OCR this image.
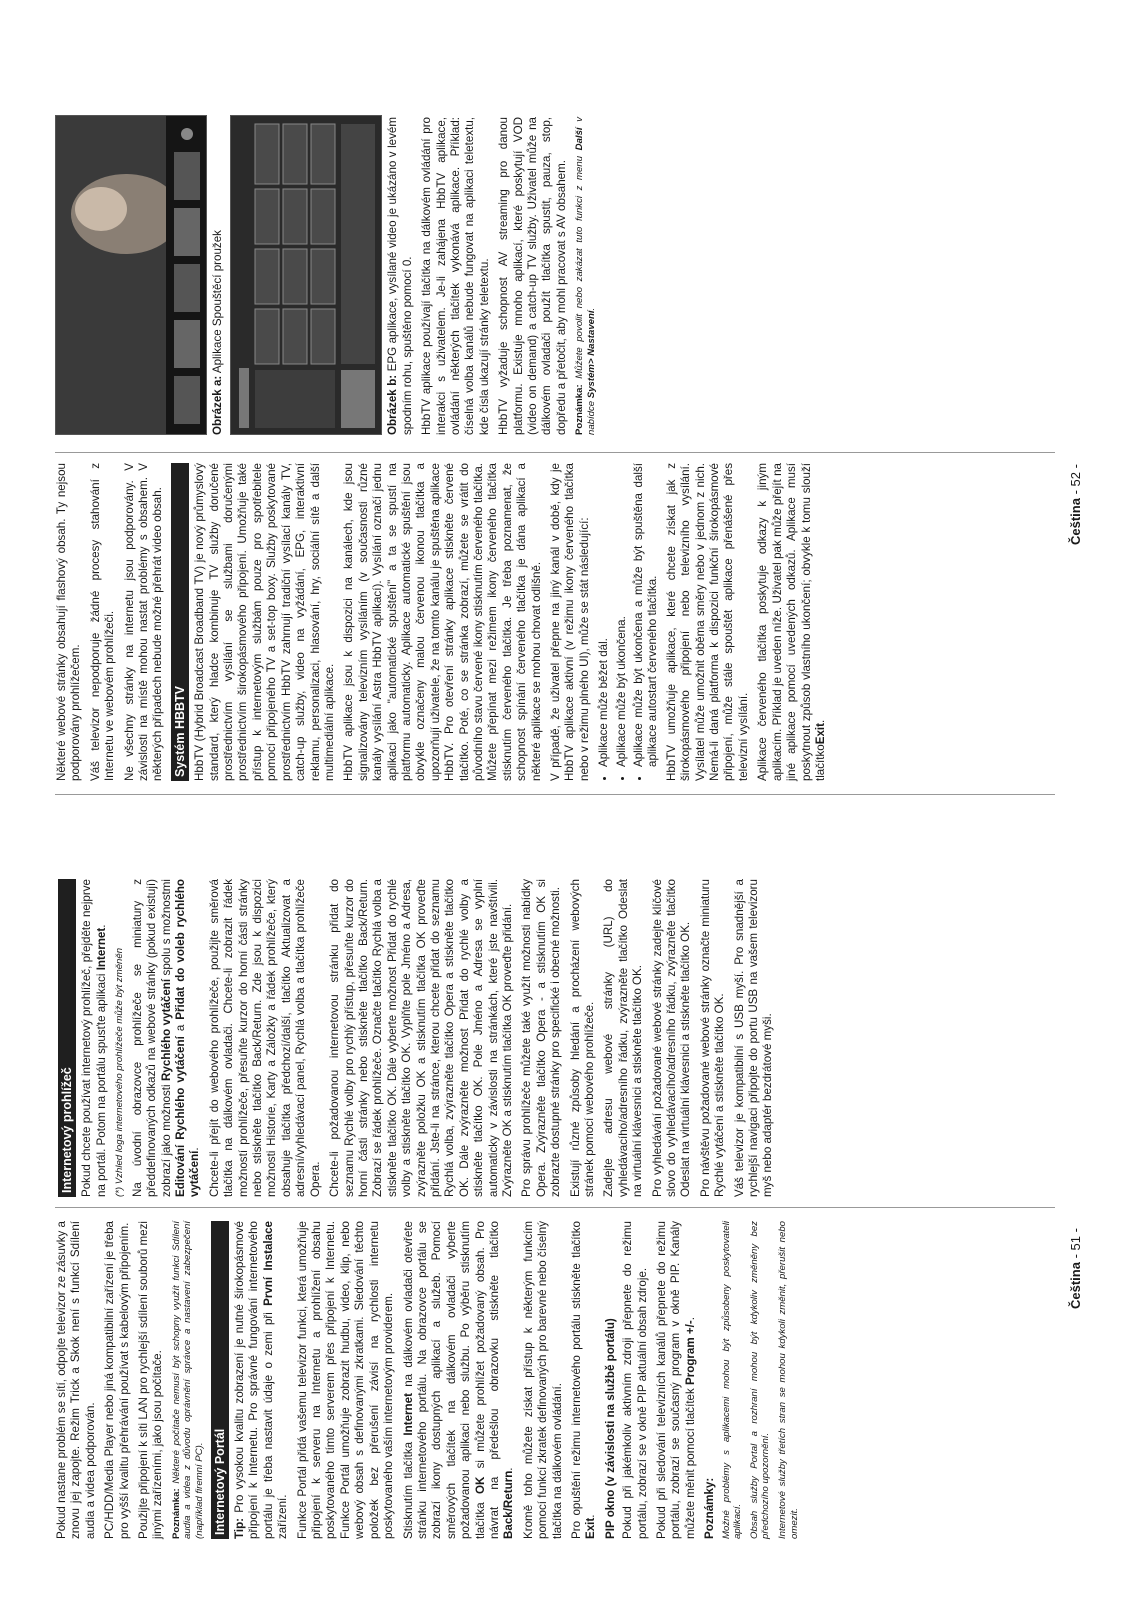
Pokud nastane problém se sítí, odpojte televizor ze zásuvky a znovu jej zapojte. Režim Trick a Skok není s funkcí Sdílení audia a videa podporován. PC/HDD/Media Player nebo jiná kompatibilní zařízení je třeba pro vyšší kvalitu přehrávání používat s kabelovým připojením. Použijte připojení k síti LAN pro rychlejší sdílení souborů mezi jinými zařízeními, jako jsou počítače. Poznámka: Některé počítače nemusí být schopny využít funkci Sdílení audia a videa z důvodu oprávnění správce a nastavení zabezpečení (například firemní PC). Internetový Portál Tip: Pro vysokou kvalitu zobrazení je nutné širokopásmové připojení k Internetu. Pro správné fungování internetového portálu je třeba nastavit údaje o zemi při První Instalace zařízení. Funkce Portál přidá vašemu televizor funkci, která umožňuje připojení k serveru na Internetu a prohlížení obsahu poskytovaného tímto serverem přes připojení k Internetu. Funkce Portál umožňuje zobrazit hudbu, video, klip, nebo webový obsah s definovanými zkratkami. Sledování těchto položek bez přerušení závisí na rychlosti internetu poskytovaného vaším internetovým providerem. Stisknutím tlačítka Internet na dálkovém ovladači otevřete stránku internetového portálu. Na obrazovce portálu se zobrazí ikony dostupných aplikací a služeb. Pomocí směrových tlačítek na dálkovém ovladači vyberte požadovanou aplikaci nebo službu. Po výběru stisknutím tlačítka OK si můžete prohlížet požadovaný obsah. Pro návrat na předešlou obrazovku stiskněte tlačítko Back/Return. Kromě toho můžete získat přístup k některým funkcím pomocí funkcí zkratek definovaných pro barevné nebo číselný tlačítka na dálkovém ovládání. Pro opuštění režimu internetového portálu stiskněte tlačítko Exit. PIP okno (v závislosti na službě portálu) Pokud při jakémkoliv aktivním zdroji přepnete do režimu portálu, zobrazí se v okně PIP aktuální obsah zdroje. Pokud při sledování televizních kanálů přepnete do režimu portálu, zobrazí se současný program v okně PIP. Kanály můžete měnit pomocí tlačítek Program +/-.

Poznámky: Možné problémy s aplikacemi mohou být způsobeny poskytovateli aplikací. Obsah služby Portal a rozhraní mohou být kdykoliv změněny bez předchozího upozornění. Internetové služby třetích stran se mohou kdykoli změnit, přerušit nebo omezit.

Internetový prohlížeč Pokud chcete používat internetový prohlížeč, přejděte nejprve na portál. Potom na portálu spusťte aplikaci Internet.

(*) Vzhled loga internetového prohlížeče může být změněn Na úvodní obrazovce prohlížeče se miniatury z předdefinovaných odkazů na webové stránky (pokud existují) zobrazí jako možnosti Rychlého vytáčení spolu s možnostmi Editování Rychlého vytáčení a Přidat do voleb rychlého vytáčení. Chcete-li přejít do webového prohlížeče, použijte směrová tlačítka na dálkovém ovladači. Chcete-li zobrazit řádek možností prohlížeče, přesuňte kurzor do horní části stránky nebo stiskněte tlačítko Back/Return. Zde jsou k dispozici možnosti Historie, Karty a Záložky a řádek prohlížeče, který obsahuje tlačítka předchozí/další, tlačítko Aktualizovat a adresní/vyhledávací panel, Rychlá volba a tlačítka prohlížeče Opera. Chcete-li požadovanou internetovou stránku přidat do seznamu Rychlé volby pro rychlý přístup, přesuňte kurzor do horní části stránky nebo stiskněte tlačítko Back/Return. Zobrazí se řádek prohlížeče. Označte tlačítko Rychlá volba a stiskněte tlačítko OK. Dále vyberte možnost Přidat do rychlé volby a stiskněte tlačítko OK. Vyplňte pole Jméno a Adresa, zvýrazněte položku OK a stisknutím tlačítka OK proveďte přidání. Jste-li na stránce, kterou chcete přidat do seznamu Rychlá volba, zvýrazněte tlačítko Opera a stiskněte tlačítko OK. Dále zvýrazněte možnost Přidat do rychlé volby a stiskněte tlačítko OK. Pole Jméno a Adresa se vyplní automaticky v závislosti na stránkách, které jste navštívili. Zvýrazněte OK a stisknutím tlačítka OK proveďte přidání. Pro správu prohlížeče můžete také využít možnosti nabídky Opera. Zvýrazněte tlačítko Opera - a stisknutím OK si zobrazte dostupné stránky pro specifické i obecné možnosti. Existují různé způsoby hledání a procházení webových stránek pomocí webového prohlížeče. Zadejte adresu webové stránky (URL) do vyhledávacího/adresního řádku, zvýrazněte tlačítko Odeslat na virtuální klávesnici a stiskněte tlačítko OK. Pro vyhledávání požadované webové stránky zadejte klíčové slovo do vyhledávacího/adresního řádku, zvýrazněte tlačítko Odeslat na virtuální klávesnici a stiskněte tlačítko OK. Pro návštěvu požadované webové stránky označte miniaturu Rychlé vytáčení a stiskněte tlačítko OK. Váš televizor je kompatibilní s USB myší. Pro snadnější a rychlejší navigaci připojte do portu USB na vašem televizoru myš nebo adaptér bezdrátové myši.

Některé webové stránky obsahují flashový obsah. Ty nejsou podporovány prohlížečem. Váš televizor nepodporuje žádné procesy stahování z Internetu ve webovém prohlížeči. Ne všechny stránky na internetu jsou podporovány. V závislosti na místě mohou nastat problémy s obsahem. V některých případech nebude možné přehrát video obsah. Systém HBBTV HbbTV (Hybrid Broadcast Broadband TV) je nový průmyslový standard, který hladce kombinuje TV služby doručené prostřednictvím vysílání se službami doručenými prostřednictvím širokopásmového připojení. Umožňuje také přístup k internetovým službám pouze pro spotřebitele pomocí připojeného TV a set-top boxy. Služby poskytované prostřednictvím HbbTV zahrnují tradiční vysílací kanály TV, catch-up služby, video na vyžádání, EPG, interaktivní reklamu, personalizaci, hlasování, hry, sociální sítě a další multimediální aplikace. HbbTV aplikace jsou k dispozici na kanálech, kde jsou signalizovány televizním vysíláním (v současnosti různé kanály vysílání Astra HbbTV aplikací). Vysílání označí jednu aplikaci jako "automatické spuštění" a ta se spustí na platformu automaticky. Aplikace automatické spuštění jsou obvykle označeny malou červenou ikonou tlačítka a upozorňují uživatele, že na tomto kanálu je spuštěna aplikace HbbTV. Pro otevření stránky aplikace stiskněte červené tlačítko. Poté, co se stránka zobrazí, můžete se vrátit do původního stavu červené ikony stisknutím červeného tlačítka. Můžete přepínat mezi režimem ikony červeného tlačítka stisknutím červeného tlačítka. Je třeba poznamenat, že schopnost spínání červeného tlačítka je dána aplikací a některé aplikace se mohou chovat odlišně. V případě, že uživatel přepne na jiný kanál v době, kdy je HbbTV aplikace aktivní (v režimu ikony červeného tlačítka nebo v režimu plného UI), může se stát následující: • Aplikace může běžet dál. • Aplikace může být ukončena. • Aplikace může být ukončena a může být spuštěna další aplikace autostart červeného tlačítka. HbbTV umožňuje aplikace, které chcete získat jak z širokopásmového připojení nebo televizního vysílání. Vysílatel může umožnit oběma směry nebo v jednom z nich. Nemá-li daná platforma k dispozici funkční širokopásmové připojení, může stále spouštět aplikace přenášené přes televizní vysílání. Aplikace červeného tlačítka poskytuje odkazy k jiným aplikacím. Příklad je uveden níže. Uživatel pak může přejít na jiné aplikace pomocí uvedených odkazů. Aplikace musí poskytnout způsob vlastního ukončení; obvykle k tomu slouží tlačítkoExit.

Obrázek a: Aplikace Spouštěcí proužek

Obrázek b: EPG aplikace, vysílané video je ukázáno v levém spodním rohu, spuštěno pomocí 0. HbbTV aplikace používají tlačítka na dálkovém ovládání pro interakci s uživatelem. Je-li zahájena HbbTV aplikace, ovládání některých tlačítek vykonává aplikace. Příklad: číselná volba kanálů nebude fungovat na aplikaci teletextu, kde čísla ukazují stránky teletextu. HbbTV vyžaduje schopnost AV streaming pro danou platformu. Existuje mnoho aplikací, které poskytují VOD (video on demand) a catch-up TV služby. Uživatel může na dálkovém ovladači použít tlačítka spustit, pauza, stop, dopředu a přetočit, aby mohl pracovat s AV obsahem. Poznámka: Můžete povolit nebo zakázat tuto funkci z menu Další v nabídce Systém> Nastavení.

Čeština - 51 -
Čeština - 52 -
